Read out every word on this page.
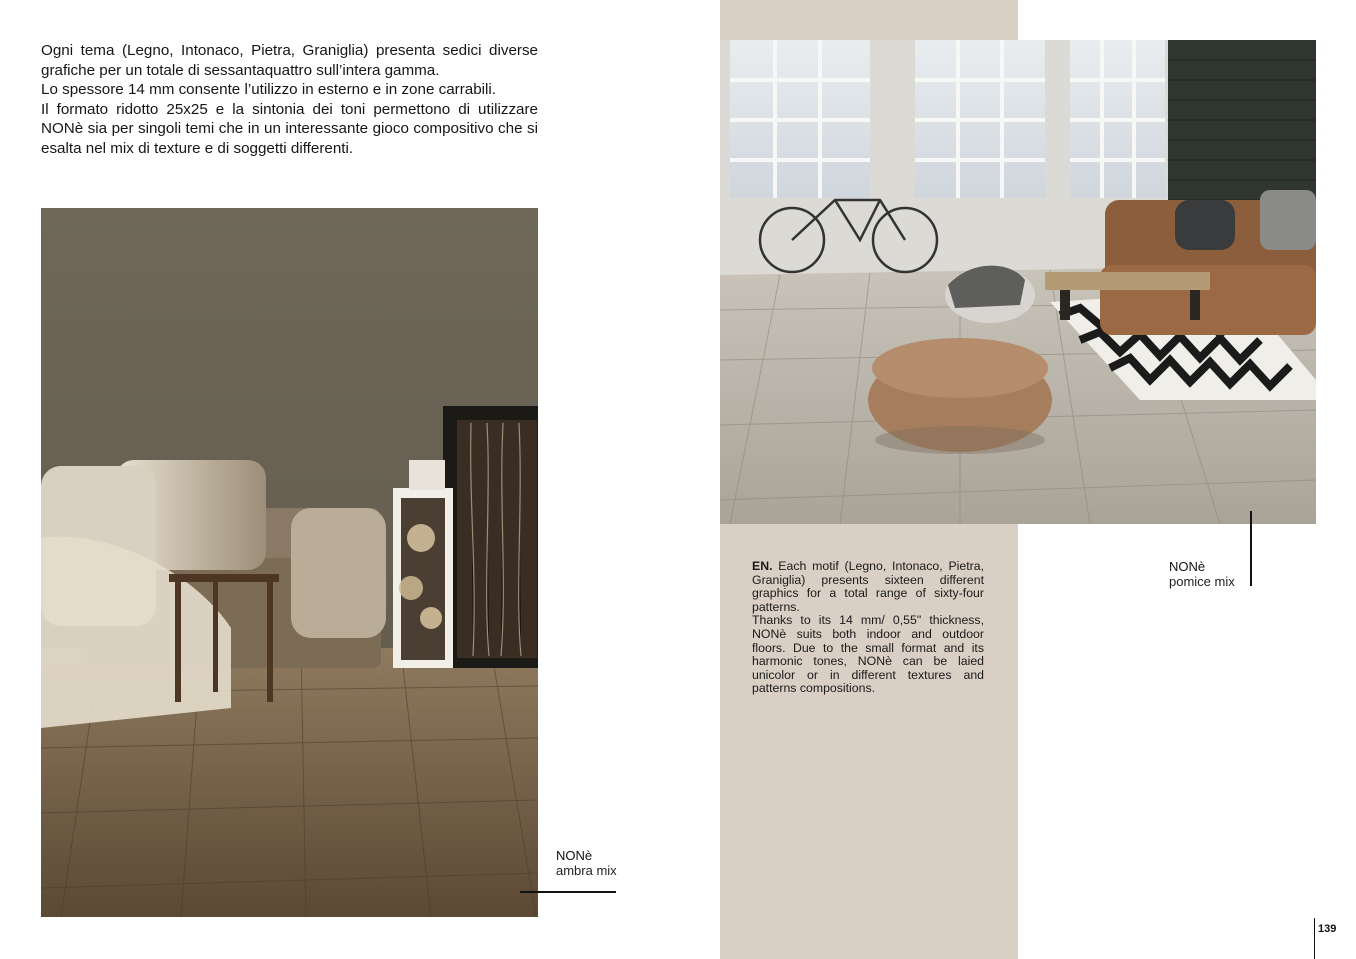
Ogni tema (Legno, Intonaco, Pietra, Graniglia) presenta sedici diverse grafiche per un totale di sessantaquattro sull’intera gamma.

Lo spessore 14 mm consente l’utilizzo in esterno e in zone carrabili.

Il formato ridotto 25x25 e la sintonia dei toni permettono di utilizzare NONè sia per singoli temi che in un interessante gioco compositivo che si esalta nel mix di texture e di soggetti differenti.

NONè
ambra mix

EN. Each motif (Legno, Intonaco, Pietra, Graniglia) presents sixteen different graphics for a total range of sixty-four patterns.

Thanks to its 14 mm/ 0,55" thickness, NONè suits both indoor and outdoor floors. Due to the small format and its harmonic tones, NONè can be laied unicolor or in different textures and patterns compositions.

NONè
pomice mix
139
